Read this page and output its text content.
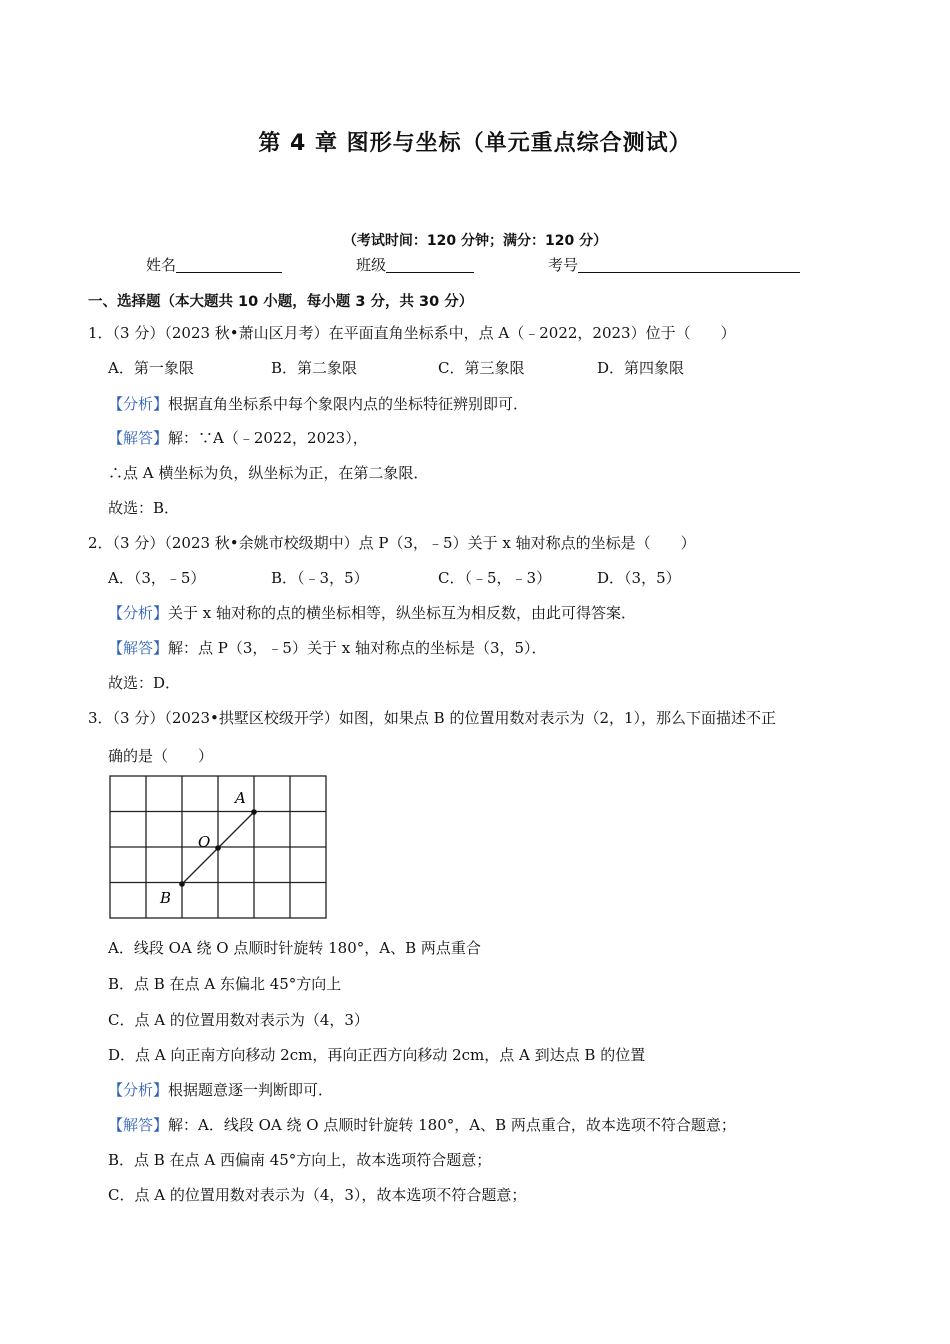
第 4 章 图形与坐标（单元重点综合测试）
（考试时间：120 分钟；满分：120 分）
姓名	班级	考号
一、选择题（本大题共 10 小题，每小题 3 分，共 30 分）
1．（3 分）（2023 秋•萧山区月考）在平面直角坐标系中，点 A（﹣2022，2023）位于（　　）
A．第一象限	B．第二象限	C．第三象限	D．第四象限
【分析】根据直角坐标系中每个象限内点的坐标特征辨别即可．
【解答】解：∵A（﹣2022，2023），
∴点 A 横坐标为负，纵坐标为正，在第二象限．
故选：B．
2．（3 分）（2023 秋•余姚市校级期中）点 P（3，﹣5）关于 x 轴对称点的坐标是（　　）
A．（3，﹣5）	B．（﹣3，5）	C．（﹣5，﹣3）	D．（3，5）
【分析】关于 x 轴对称的点的横坐标相等，纵坐标互为相反数，由此可得答案．
【解答】解：点 P（3，﹣5）关于 x 轴对称点的坐标是（3，5）．
故选：D．
3．（3 分）（2023•拱墅区校级开学）如图，如果点 B 的位置用数对表示为（2，1），那么下面描述不正
确的是（　　）
A
O
B
A．线段 OA 绕 O 点顺时针旋转 180°，A、B 两点重合
B．点 B 在点 A 东偏北 45°方向上
C．点 A 的位置用数对表示为（4，3）
D．点 A 向正南方向移动 2cm，再向正西方向移动 2cm，点 A 到达点 B 的位置
【分析】根据题意逐一判断即可．
【解答】解：A．线段 OA 绕 O 点顺时针旋转 180°，A、B 两点重合，故本选项不符合题意；
B．点 B 在点 A 西偏南 45°方向上，故本选项符合题意；
C．点 A 的位置用数对表示为（4，3），故本选项不符合题意；
